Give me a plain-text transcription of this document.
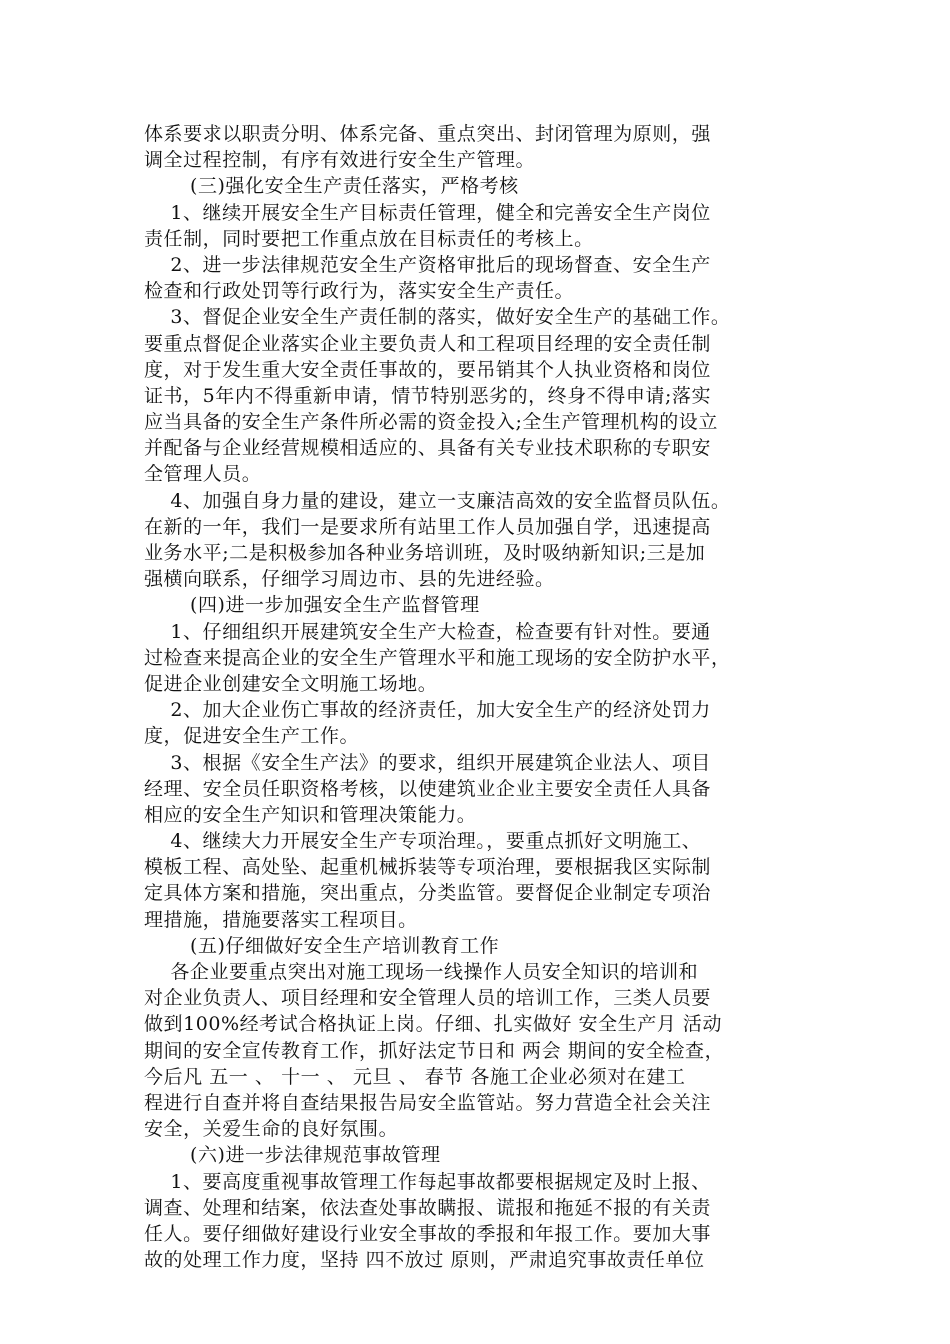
体系要求以职责分明、体系完备、重点突出、封闭管理为原则，强
调全过程控制，有序有效进行安全生产管理。
(三)强化安全生产责任落实，严格考核
1、继续开展安全生产目标责任管理，健全和完善安全生产岗位
责任制，同时要把工作重点放在目标责任的考核上。
2、进一步法律规范安全生产资格审批后的现场督查、安全生产
检查和行政处罚等行政行为，落实安全生产责任。
3、督促企业安全生产责任制的落实，做好安全生产的基础工作。
要重点督促企业落实企业主要负责人和工程项目经理的安全责任制
度，对于发生重大安全责任事故的，要吊销其个人执业资格和岗位
证书，5年内不得重新申请，情节特别恶劣的，终身不得申请;落实
应当具备的安全生产条件所必需的资金投入;全生产管理机构的设立
并配备与企业经营规模相适应的、具备有关专业技术职称的专职安
全管理人员。
4、加强自身力量的建设，建立一支廉洁高效的安全监督员队伍。
在新的一年，我们一是要求所有站里工作人员加强自学，迅速提高
业务水平;二是积极参加各种业务培训班，及时吸纳新知识;三是加
强横向联系，仔细学习周边市、县的先进经验。
(四)进一步加强安全生产监督管理
1、仔细组织开展建筑安全生产大检查，检查要有针对性。要通
过检查来提高企业的安全生产管理水平和施工现场的安全防护水平，
促进企业创建安全文明施工场地。
2、加大企业伤亡事故的经济责任，加大安全生产的经济处罚力
度，促进安全生产工作。
3、根据《安全生产法》的要求，组织开展建筑企业法人、项目
经理、安全员任职资格考核，以使建筑业企业主要安全责任人具备
相应的安全生产知识和管理决策能力。
4、继续大力开展安全生产专项治理。，要重点抓好文明施工、
模板工程、高处坠、起重机械拆装等专项治理，要根据我区实际制
定具体方案和措施，突出重点，分类监管。要督促企业制定专项治
理措施，措施要落实工程项目。
(五)仔细做好安全生产培训教育工作
各企业要重点突出对施工现场一线操作人员安全知识的培训和
对企业负责人、项目经理和安全管理人员的培训工作，三类人员要
做到100%经考试合格执证上岗。仔细、扎实做好 安全生产月 活动
期间的安全宣传教育工作，抓好法定节日和 两会 期间的安全检查，
今后凡 五一 、 十一 、 元旦 、 春节 各施工企业必须对在建工
程进行自查并将自查结果报告局安全监管站。努力营造全社会关注
安全，关爱生命的良好氛围。
(六)进一步法律规范事故管理
1、要高度重视事故管理工作每起事故都要根据规定及时上报、
调查、处理和结案，依法查处事故瞒报、谎报和拖延不报的有关责
任人。要仔细做好建设行业安全事故的季报和年报工作。要加大事
故的处理工作力度，坚持 四不放过 原则，严肃追究事故责任单位
